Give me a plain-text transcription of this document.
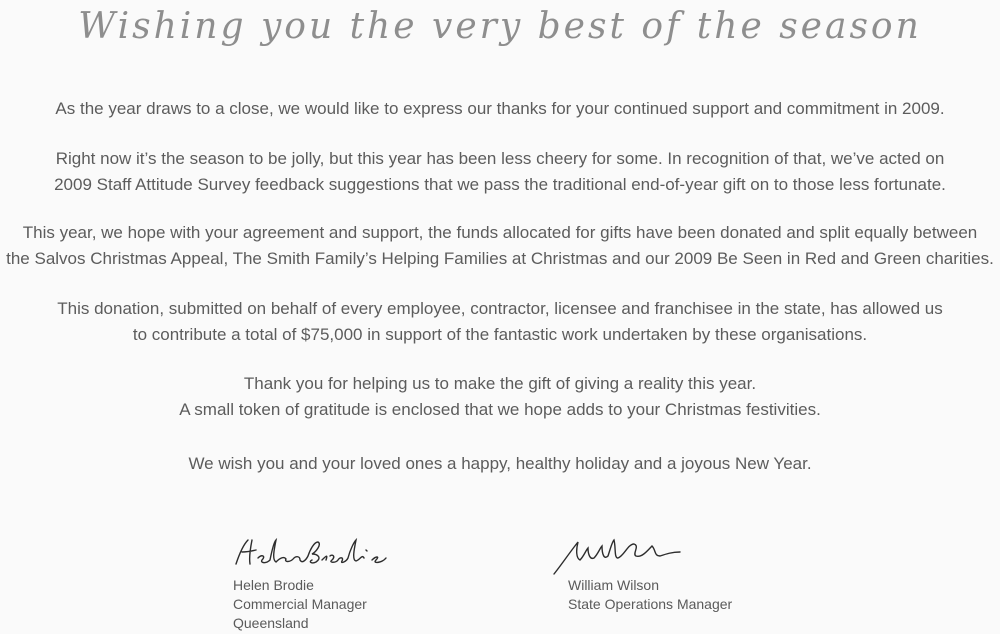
Wishing you the very best of the season
As the year draws to a close, we would like to express our thanks for your continued support and commitment in 2009.
Right now it’s the season to be jolly, but this year has been less cheery for some. In recognition of that, we’ve acted on
2009 Staff Attitude Survey feedback suggestions that we pass the traditional end-of-year gift on to those less fortunate.
This year, we hope with your agreement and support, the funds allocated for gifts have been donated and split equally between
the Salvos Christmas Appeal, The Smith Family’s Helping Families at Christmas and our 2009 Be Seen in Red and Green charities.
This donation, submitted on behalf of every employee, contractor, licensee and franchisee in the state, has allowed us
to contribute a total of $75,000 in support of the fantastic work undertaken by these organisations.
Thank you for helping us to make the gift of giving a reality this year.
A small token of gratitude is enclosed that we hope adds to your Christmas festivities.
We wish you and your loved ones a happy, healthy holiday and a joyous New Year.
Helen Brodie
Commercial Manager
Queensland
William Wilson
State Operations Manager
